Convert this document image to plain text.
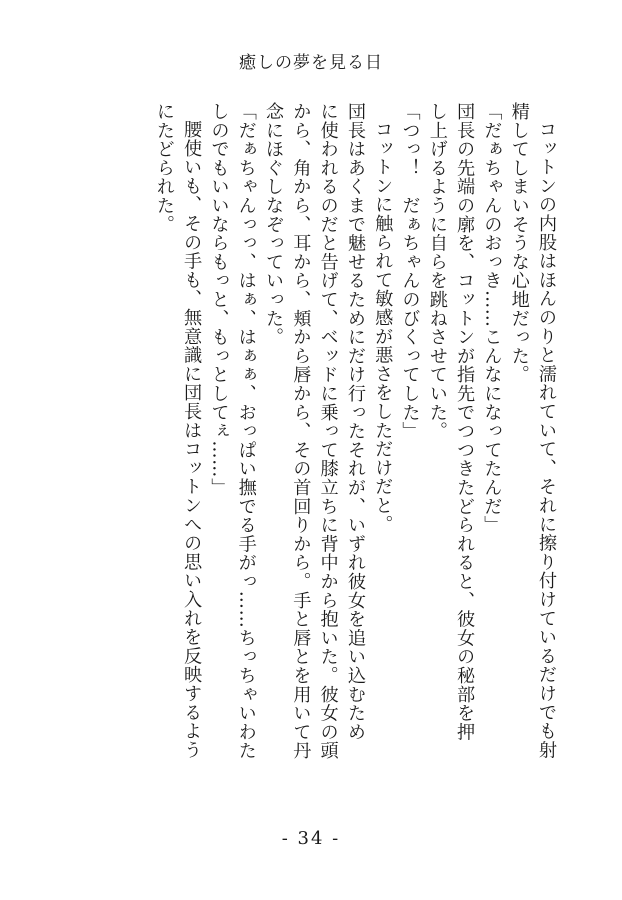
癒しの夢を見る日

コットンの内股はほんのりと濡れていて、それに擦り付けているだけでも射
精してしまいそうな心地だった。

「だぁちゃんのおっき……こんなになってたんだ」

団長の先端の廓を、コットンが指先でつつきたどられると、彼女の秘部を押
し上げるように自らを跳ねさせていた。

「つっ！　だぁちゃんのびくってした」

コットンに触られて敏感が悪さをしただけだと。

団長はあくまで魅せるためにだけ行ったそれが、いずれ彼女を追い込むため
に使われるのだと告げて、ベッドに乗って膝立ちに背中から抱いた。彼女の頭
から、角から、耳から、頬から唇から、その首回りから。手と唇とを用いて丹
念にほぐしなぞっていった。

「だぁちゃんっっ、はぁ、はぁぁ、おっぱい撫でる手がっ……ちっちゃいわた
しのでもいいならもっと、もっとしてぇ……」

腰使いも、その手も、無意識に団長はコットンへの思い入れを反映するよう
にたどられた。

- 34 -
